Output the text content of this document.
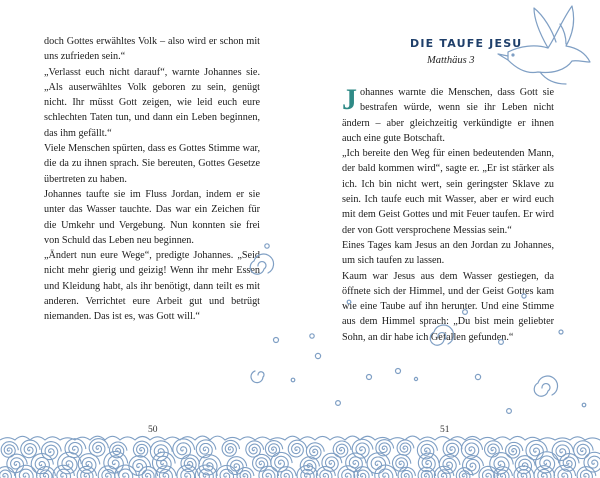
doch Gottes erwähltes Volk – also wird er schon mit uns zufrieden sein.“

„Verlasst euch nicht darauf“, warnte Johannes sie. „Als auserwähltes Volk geboren zu sein, genügt nicht. Ihr müsst Gott zeigen, wie leid euch eure schlechten Taten tun, und dann ein Leben beginnen, das ihm gefällt.“

Viele Menschen spürten, dass es Gottes Stimme war, die da zu ihnen sprach. Sie bereuten, Gottes Gesetze übertreten zu haben.

Johannes taufte sie im Fluss Jordan, indem er sie unter das Wasser tauchte. Das war ein Zeichen für die Umkehr und Vergebung. Nun konnten sie frei von Schuld das Leben neu beginnen.

„Ändert nun eure Wege“, predigte Johannes. „Seid nicht mehr gierig und geizig! Wenn ihr mehr Essen und Kleidung habt, als ihr benötigt, dann teilt es mit anderen. Verrichtet eure Arbeit gut und betrügt niemanden. Das ist es, was Gott will.“

50
DIE TAUFE JESU
Matthäus 3

Johannes warnte die Menschen, dass Gott sie bestrafen würde, wenn sie ihr Leben nicht ändern – aber gleichzeitig verkündigte er ihnen auch eine gute Botschaft.

„Ich bereite den Weg für einen bedeutenden Mann, der bald kommen wird“, sagte er. „Er ist stärker als ich. Ich bin nicht wert, sein geringster Sklave zu sein. Ich taufe euch mit Wasser, aber er wird euch mit dem Geist Gottes und mit Feuer taufen. Er wird der von Gott versprochene Messias sein.“

Eines Tages kam Jesus an den Jordan zu Johannes, um sich taufen zu lassen.

Kaum war Jesus aus dem Wasser gestiegen, da öffnete sich der Himmel, und der Geist Gottes kam wie eine Taube auf ihn herunter. Und eine Stimme aus dem Himmel sprach: „Du bist mein geliebter Sohn, an dir habe ich Gefallen gefunden.“

51
